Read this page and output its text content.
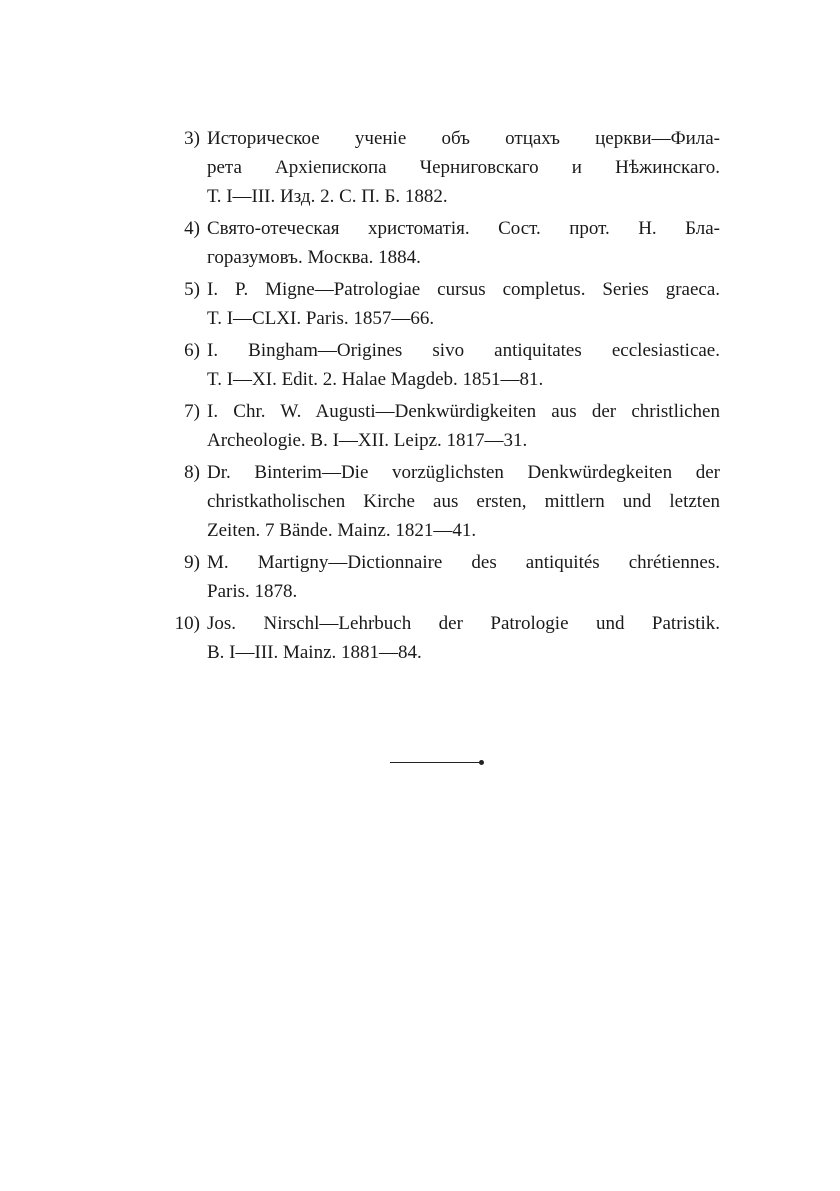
3) Историческое ученіе объ отцахъ церкви—Фила-
рета Архіепископа Черниговскаго и Нѣжинскаго.
Т. I—III. Изд. 2. С. П. Б. 1882.
4) Свято-отеческая христоматія. Сост. прот. Н. Бла-
горазумовъ. Москва. 1884.
5) I. P. Migne—Patrologiae cursus completus. Series graeca.
T. I—CLXI. Paris. 1857—66.
6) I. Bingham—Origines sivo antiquitates ecclesiasticae.
T. I—XI. Edit. 2. Halae Magdeb. 1851—81.
7) I. Chr. W. Augusti—Denkwürdigkeiten aus der christlichen
Archeologie. B. I—XII. Leipz. 1817—31.
8) Dr. Binterim—Die vorzüglichsten Denkwürdegkeiten der
christkatholischen Kirche aus ersten, mittlern und letzten
Zeiten. 7 Bände. Mainz. 1821—41.
9) M. Martigny—Dictionnaire des antiquités chrétiennes.
Paris. 1878.
10) Jos. Nirschl—Lehrbuch der Patrologie und Patristik.
B. I—III. Mainz. 1881—84.
